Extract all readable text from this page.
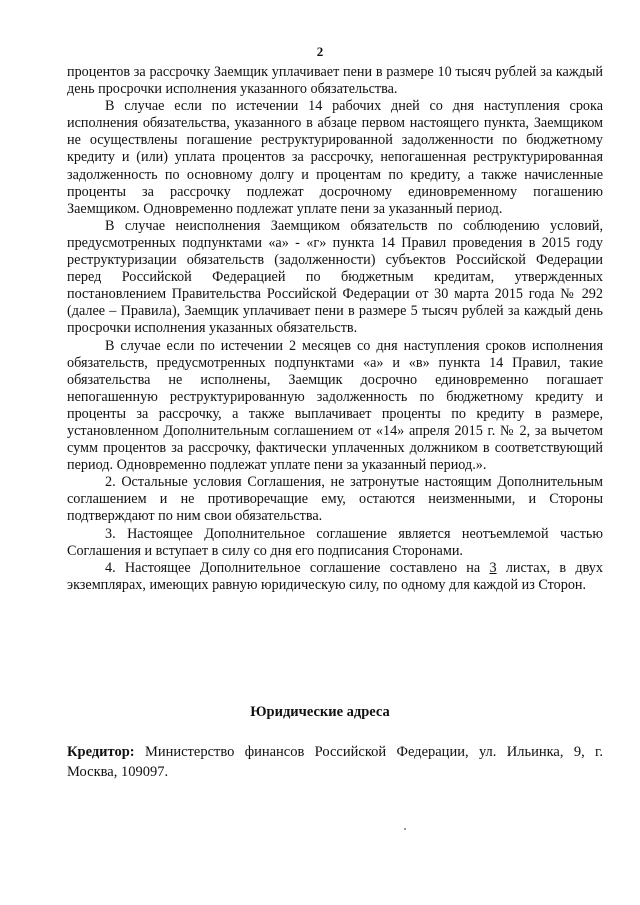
2

процентов за рассрочку Заемщик уплачивает пени в размере 10 тысяч рублей за каждый день просрочки исполнения указанного обязательства.

В случае если по истечении 14 рабочих дней со дня наступления срока исполнения обязательства, указанного в абзаце первом настоящего пункта, Заемщиком не осуществлены погашение реструктурированной задолженности по бюджетному кредиту и (или) уплата процентов за рассрочку, непогашенная реструктурированная задолженность по основному долгу и процентам по кредиту, а также начисленные проценты за рассрочку подлежат досрочному единовременному погашению Заемщиком. Одновременно подлежат уплате пени за указанный период.

В случае неисполнения Заемщиком обязательств по соблюдению условий, предусмотренных подпунктами «а» - «г» пункта 14 Правил проведения в 2015 году реструктуризации обязательств (задолженности) субъектов Российской Федерации перед Российской Федерацией по бюджетным кредитам, утвержденных постановлением Правительства Российской Федерации от 30 марта 2015 года № 292 (далее – Правила), Заемщик уплачивает пени в размере 5 тысяч рублей за каждый день просрочки исполнения указанных обязательств.

В случае если по истечении 2 месяцев со дня наступления сроков исполнения обязательств, предусмотренных подпунктами «а» и «в» пункта 14 Правил, такие обязательства не исполнены, Заемщик досрочно единовременно погашает непогашенную реструктурированную задолженность по бюджетному кредиту и проценты за рассрочку, а также выплачивает проценты по кредиту в размере, установленном Дополнительным соглашением от «14» апреля 2015 г. № 2, за вычетом сумм процентов за рассрочку, фактически уплаченных должником в соответствующий период. Одновременно подлежат уплате пени за указанный период.».

2. Остальные условия Соглашения, не затронутые настоящим Дополнительным соглашением и не противоречащие ему, остаются неизменными, и Стороны подтверждают по ним свои обязательства.

3. Настоящее Дополнительное соглашение является неотъемлемой частью Соглашения и вступает в силу со дня его подписания Сторонами.

4. Настоящее Дополнительное соглашение составлено на 3 листах, в двух экземплярах, имеющих равную юридическую силу, по одному для каждой из Сторон.

Юридические адреса
Кредитор: Министерство финансов Российской Федерации, ул. Ильинка, 9, г. Москва, 109097.
